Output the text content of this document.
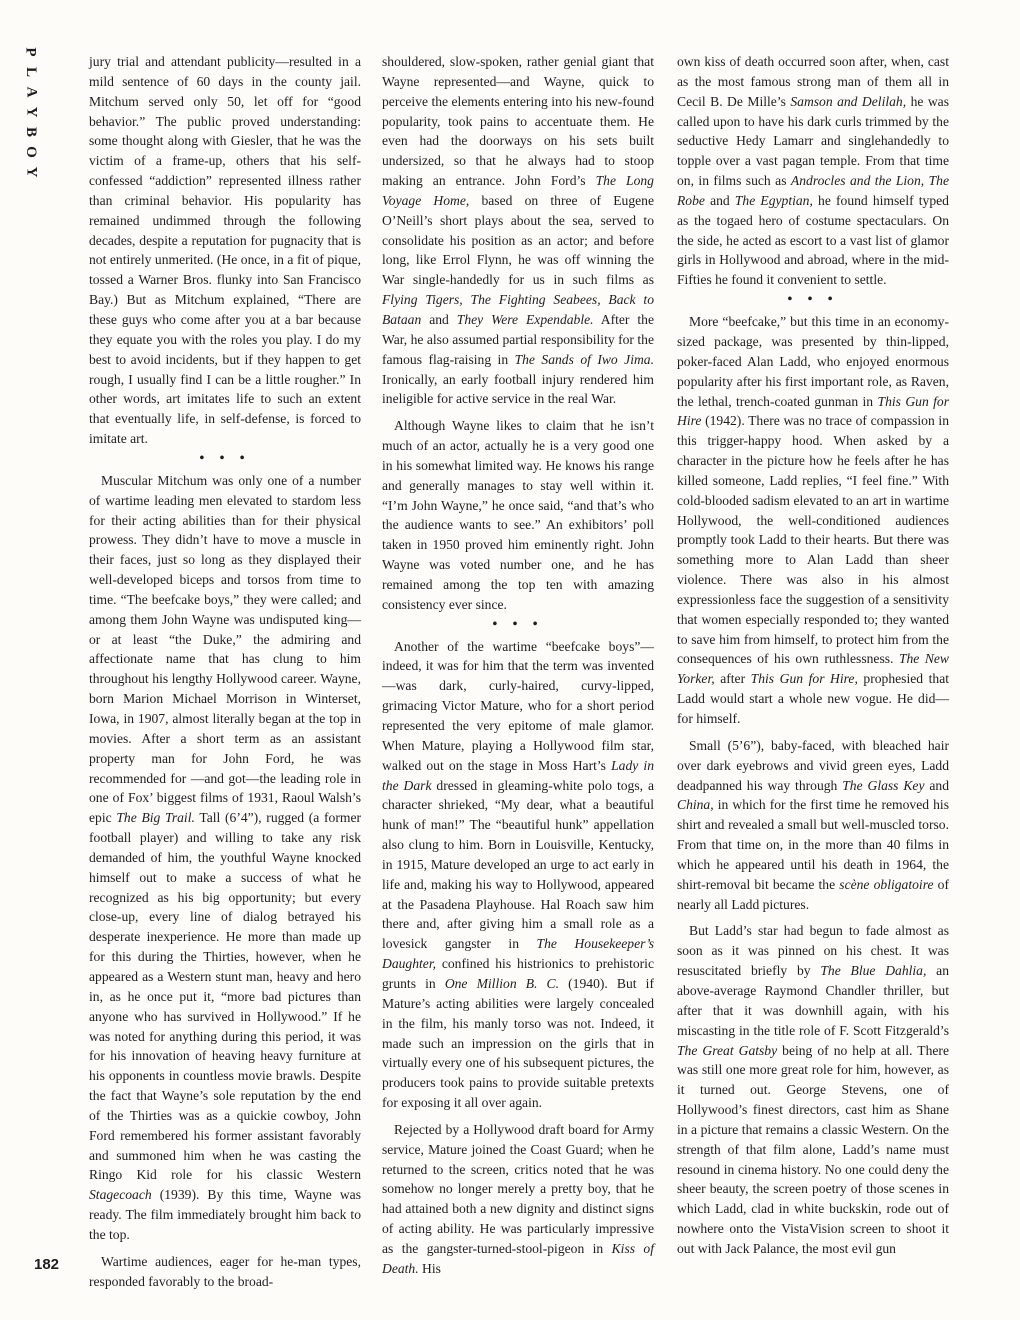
P
L
A
Y
B
O
Y
182

jury trial and attendant publicity—resulted in a mild sentence of 60 days in the county jail. Mitchum served only 50, let off for “good behavior.” The public proved understanding: some thought along with Giesler, that he was the victim of a frame-up, others that his self-confessed “addiction” represented illness rather than criminal behavior. His popularity has remained undimmed through the following decades, despite a reputation for pugnacity that is not entirely unmerited. (He once, in a fit of pique, tossed a Warner Bros. flunky into San Francisco Bay.) But as Mitchum explained, “There are these guys who come after you at a bar because they equate you with the roles you play. I do my best to avoid incidents, but if they happen to get rough, I usually find I can be a little rougher.” In other words, art imitates life to such an extent that eventually life, in self-defense, is forced to imitate art.

• • •

Muscular Mitchum was only one of a number of wartime leading men elevated to stardom less for their acting abilities than for their physical prowess. They didn’t have to move a muscle in their faces, just so long as they displayed their well-developed biceps and torsos from time to time. “The beefcake boys,” they were called; and among them John Wayne was undisputed king—or at least “the Duke,” the admiring and affectionate name that has clung to him throughout his lengthy Hollywood career. Wayne, born Marion Michael Morrison in Winterset, Iowa, in 1907, almost literally began at the top in movies. After a short term as an assistant property man for John Ford, he was recommended for —and got—the leading role in one of Fox’ biggest films of 1931, Raoul Walsh’s epic The Big Trail. Tall (6’4”), rugged (a former football player) and willing to take any risk demanded of him, the youthful Wayne knocked himself out to make a success of what he recognized as his big opportunity; but every close-up, every line of dialog betrayed his desperate inexperience. He more than made up for this during the Thirties, however, when he appeared as a Western stunt man, heavy and hero in, as he once put it, “more bad pictures than anyone who has survived in Hollywood.” If he was noted for anything during this period, it was for his innovation of heaving heavy furniture at his opponents in countless movie brawls. Despite the fact that Wayne’s sole reputation by the end of the Thirties was as a quickie cowboy, John Ford remembered his former assistant favorably and summoned him when he was casting the Ringo Kid role for his classic Western Stagecoach (1939). By this time, Wayne was ready. The film immediately brought him back to the top.

Wartime audiences, eager for he-man types, responded favorably to the broad-

shouldered, slow-spoken, rather genial giant that Wayne represented—and Wayne, quick to perceive the elements entering into his new-found popularity, took pains to accentuate them. He even had the doorways on his sets built undersized, so that he always had to stoop making an entrance. John Ford’s The Long Voyage Home, based on three of Eugene O’Neill’s short plays about the sea, served to consolidate his position as an actor; and before long, like Errol Flynn, he was off winning the War single-handedly for us in such films as Flying Tigers, The Fighting Seabees, Back to Bataan and They Were Expendable. After the War, he also assumed partial responsibility for the famous flag-raising in The Sands of Iwo Jima. Ironically, an early football injury rendered him ineligible for active service in the real War.

Although Wayne likes to claim that he isn’t much of an actor, actually he is a very good one in his somewhat limited way. He knows his range and generally manages to stay well within it. “I’m John Wayne,” he once said, “and that’s who the audience wants to see.” An exhibitors’ poll taken in 1950 proved him eminently right. John Wayne was voted number one, and he has remained among the top ten with amazing consistency ever since.

• • •

Another of the wartime “beefcake boys”—indeed, it was for him that the term was invented—was dark, curly-haired, curvy-lipped, grimacing Victor Mature, who for a short period represented the very epitome of male glamor. When Mature, playing a Hollywood film star, walked out on the stage in Moss Hart’s Lady in the Dark dressed in gleaming-white polo togs, a character shrieked, “My dear, what a beautiful hunk of man!” The “beautiful hunk” appellation also clung to him. Born in Louisville, Kentucky, in 1915, Mature developed an urge to act early in life and, making his way to Hollywood, appeared at the Pasadena Playhouse. Hal Roach saw him there and, after giving him a small role as a lovesick gangster in The Housekeeper’s Daughter, confined his histrionics to prehistoric grunts in One Million B. C. (1940). But if Mature’s acting abilities were largely concealed in the film, his manly torso was not. Indeed, it made such an impression on the girls that in virtually every one of his subsequent pictures, the producers took pains to provide suitable pretexts for exposing it all over again.

Rejected by a Hollywood draft board for Army service, Mature joined the Coast Guard; when he returned to the screen, critics noted that he was somehow no longer merely a pretty boy, that he had attained both a new dignity and distinct signs of acting ability. He was particularly impressive as the gangster-turned-stool-pigeon in Kiss of Death. His

own kiss of death occurred soon after, when, cast as the most famous strong man of them all in Cecil B. De Mille’s Samson and Delilah, he was called upon to have his dark curls trimmed by the seductive Hedy Lamarr and singlehandedly to topple over a vast pagan temple. From that time on, in films such as Androcles and the Lion, The Robe and The Egyptian, he found himself typed as the togaed hero of costume spectaculars. On the side, he acted as escort to a vast list of glamor girls in Hollywood and abroad, where in the mid-Fifties he found it convenient to settle.

• • •

More “beefcake,” but this time in an economy-sized package, was presented by thin-lipped, poker-faced Alan Ladd, who enjoyed enormous popularity after his first important role, as Raven, the lethal, trench-coated gunman in This Gun for Hire (1942). There was no trace of compassion in this trigger-happy hood. When asked by a character in the picture how he feels after he has killed someone, Ladd replies, “I feel fine.” With cold-blooded sadism elevated to an art in wartime Hollywood, the well-conditioned audiences promptly took Ladd to their hearts. But there was something more to Alan Ladd than sheer violence. There was also in his almost expressionless face the suggestion of a sensitivity that women especially responded to; they wanted to save him from himself, to protect him from the consequences of his own ruthlessness. The New Yorker, after This Gun for Hire, prophesied that Ladd would start a whole new vogue. He did—for himself.

Small (5’6”), baby-faced, with bleached hair over dark eyebrows and vivid green eyes, Ladd deadpanned his way through The Glass Key and China, in which for the first time he removed his shirt and revealed a small but well-muscled torso. From that time on, in the more than 40 films in which he appeared until his death in 1964, the shirt-removal bit became the scène obligatoire of nearly all Ladd pictures.

But Ladd’s star had begun to fade almost as soon as it was pinned on his chest. It was resuscitated briefly by The Blue Dahlia, an above-average Raymond Chandler thriller, but after that it was downhill again, with his miscasting in the title role of F. Scott Fitzgerald’s The Great Gatsby being of no help at all. There was still one more great role for him, however, as it turned out. George Stevens, one of Hollywood’s finest directors, cast him as Shane in a picture that remains a classic Western. On the strength of that film alone, Ladd’s name must resound in cinema history. No one could deny the sheer beauty, the screen poetry of those scenes in which Ladd, clad in white buckskin, rode out of nowhere onto the VistaVision screen to shoot it out with Jack Palance, the most evil gun
